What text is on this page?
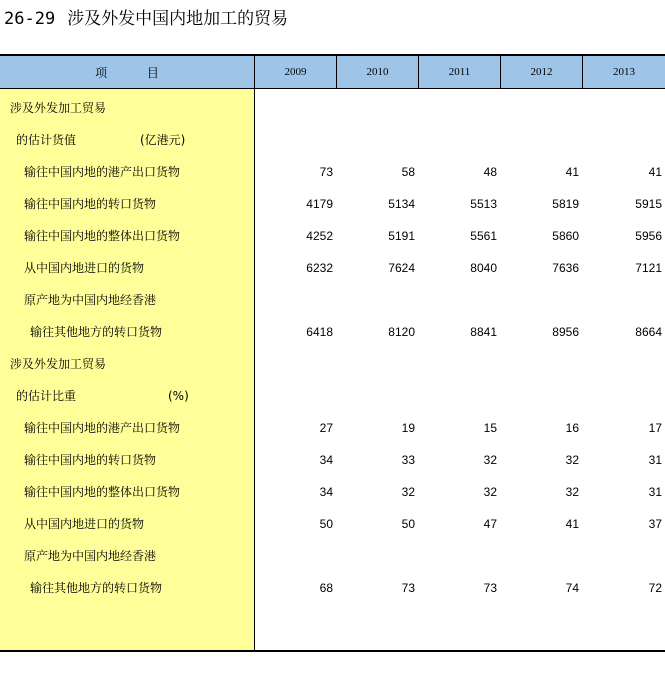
26-29 涉及外发中国内地加工的贸易
项 目	2009	2010	2011	2012	2013
涉及外发加工贸易
的估计货值	(亿港元)
输往中国内地的港产出口货物	73	58	48	41	41
输往中国内地的转口货物	4179	5134	5513	5819	5915
输往中国内地的整体出口货物	4252	5191	5561	5860	5956
从中国内地进口的货物	6232	7624	8040	7636	7121
原产地为中国内地经香港
输往其他地方的转口货物	6418	8120	8841	8956	8664
涉及外发加工贸易
的估计比重	(%)
输往中国内地的港产出口货物	27	19	15	16	17
输往中国内地的转口货物	34	33	32	32	31
输往中国内地的整体出口货物	34	32	32	32	31
从中国内地进口的货物	50	50	47	41	37
原产地为中国内地经香港
输往其他地方的转口货物	68	73	73	74	72
